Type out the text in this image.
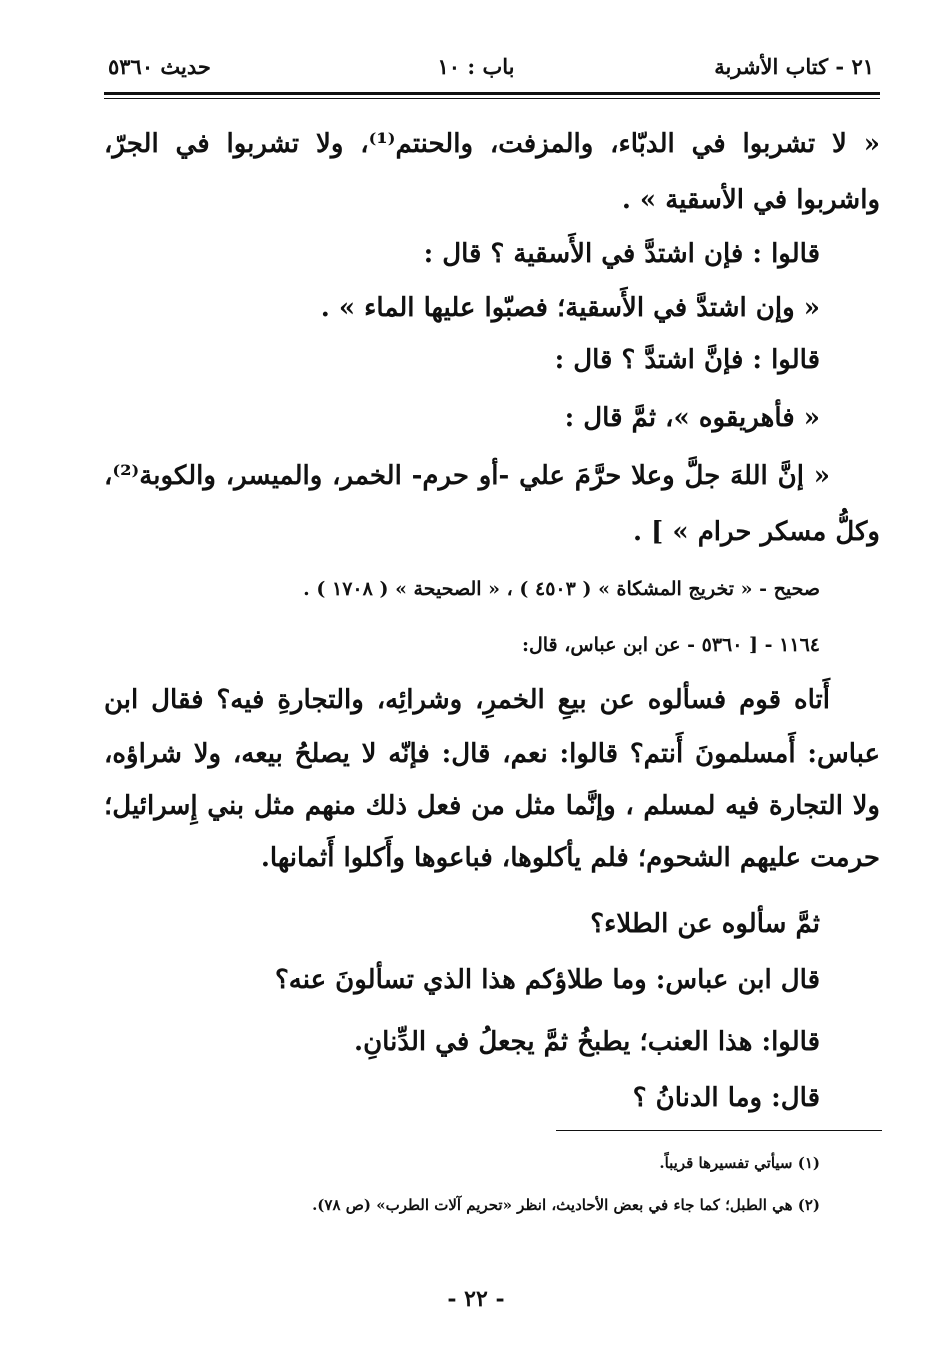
٢١ - كتاب الأشربة
باب : ١٠
حديث ٥٣٦٠
« لا تشربوا في الدبّاء، والمزفت، والحنتم⁽¹⁾، ولا تشربوا في الجرّ،
واشربوا في الأسقية » .
قالوا : فإن اشتدَّ في الأَسقية ؟ قال :
« وإن اشتدَّ في الأَسقية؛ فصبّوا عليها الماء » .
قالوا : فإنَّ اشتدَّ ؟ قال :
« فأهريقوه »، ثمَّ قال :
« إنَّ اللهَ جلَّ وعلا حرَّمَ علي -أو حرم- الخمر، والميسر، والكوبة⁽²⁾،
وكلُّ مسكر حرام » ] .
صحيح - « تخريج المشكاة » ( ٤٥٠٣ ) ، « الصحيحة » ( ١٧٠٨ ) .
١١٦٤ - [ ٥٣٦٠ - عن ابن عباس، قال:
أَتاه قوم فسألوه عن بيعِ الخمرِ، وشرائِه، والتجارةِ فيه؟ فقال ابن
عباس: أَمسلمونَ أَنتم؟ قالوا: نعم، قال: فإنّه لا يصلحُ بيعه، ولا شراؤه،
ولا التجارة فيه لمسلم ، وإنَّما مثل من فعل ذلك منهم مثل بني إِسرائيل؛
حرمت عليهم الشحوم؛ فلم يأكلوها، فباعوها وأَكلوا أَثمانها.
ثمَّ سألوه عن الطلاء؟
قال ابن عباس: وما طلاؤكم هذا الذي تسألونَ عنه؟
قالوا: هذا العنب؛ يطبخُ ثمَّ يجعلُ في الدِّنانِ.
قال: وما الدنانُ ؟
(١) سيأتي تفسيرها قريباً.
(٢) هي الطبل؛ كما جاء في بعض الأحاديث، انظر «تحريم آلات الطرب» (ص ٧٨).
- ٢٢ -
